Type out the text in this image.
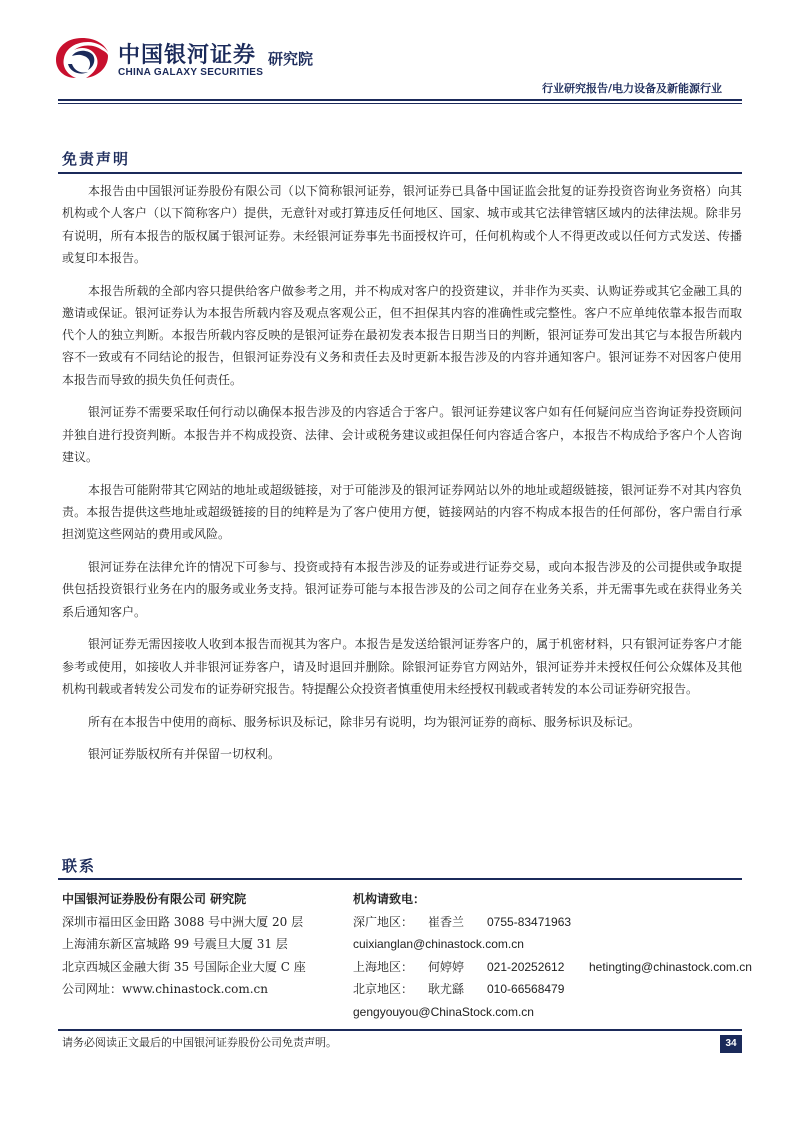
中国银河证券 研究院
CHINA GALAXY SECURITIES
行业研究报告/电力设备及新能源行业
免责声明

本报告由中国银河证券股份有限公司（以下简称银河证券，银河证券已具备中国证监会批复的证券投资咨询业务资格）向其机构或个人客户（以下简称客户）提供，无意针对或打算违反任何地区、国家、城市或其它法律管辖区域内的法律法规。除非另有说明，所有本报告的版权属于银河证券。未经银河证券事先书面授权许可，任何机构或个人不得更改或以任何方式发送、传播或复印本报告。

本报告所载的全部内容只提供给客户做参考之用，并不构成对客户的投资建议，并非作为买卖、认购证券或其它金融工具的邀请或保证。银河证券认为本报告所载内容及观点客观公正，但不担保其内容的准确性或完整性。客户不应单纯依靠本报告而取代个人的独立判断。本报告所载内容反映的是银河证券在最初发表本报告日期当日的判断，银河证券可发出其它与本报告所载内容不一致或有不同结论的报告，但银河证券没有义务和责任去及时更新本报告涉及的内容并通知客户。银河证券不对因客户使用本报告而导致的损失负任何责任。

银河证券不需要采取任何行动以确保本报告涉及的内容适合于客户。银河证券建议客户如有任何疑问应当咨询证券投资顾问并独自进行投资判断。本报告并不构成投资、法律、会计或税务建议或担保任何内容适合客户，本报告不构成给予客户个人咨询建议。

本报告可能附带其它网站的地址或超级链接，对于可能涉及的银河证券网站以外的地址或超级链接，银河证券不对其内容负责。本报告提供这些地址或超级链接的目的纯粹是为了客户使用方便，链接网站的内容不构成本报告的任何部份，客户需自行承担浏览这些网站的费用或风险。

银河证券在法律允许的情况下可参与、投资或持有本报告涉及的证券或进行证券交易，或向本报告涉及的公司提供或争取提供包括投资银行业务在内的服务或业务支持。银河证券可能与本报告涉及的公司之间存在业务关系，并无需事先或在获得业务关系后通知客户。

银河证券无需因接收人收到本报告而视其为客户。本报告是发送给银河证券客户的，属于机密材料，只有银河证券客户才能参考或使用，如接收人并非银河证券客户，请及时退回并删除。除银河证券官方网站外，银河证券并未授权任何公众媒体及其他机构刊载或者转发公司发布的证券研究报告。特提醒公众投资者慎重使用未经授权刊载或者转发的本公司证券研究报告。

所有在本报告中使用的商标、服务标识及标记，除非另有说明，均为银河证券的商标、服务标识及标记。

银河证券版权所有并保留一切权利。

联系
中国银河证券股份有限公司 研究院
深圳市福田区金田路 3088 号中洲大厦 20 层
上海浦东新区富城路 99 号震旦大厦 31 层
北京西城区金融大街 35 号国际企业大厦 C 座
公司网址：www.chinastock.com.cn
机构请致电：
深广地区： 崔香兰 0755-83471963cuixianglan@chinastock.com.cn
上海地区： 何婷婷 021-20252612 hetingting@chinastock.com.cn
北京地区： 耿尤繇 010-66568479gengyouyou@ChinaStock.com.cn
请务必阅读正文最后的中国银河证券股份公司免责声明。	34
